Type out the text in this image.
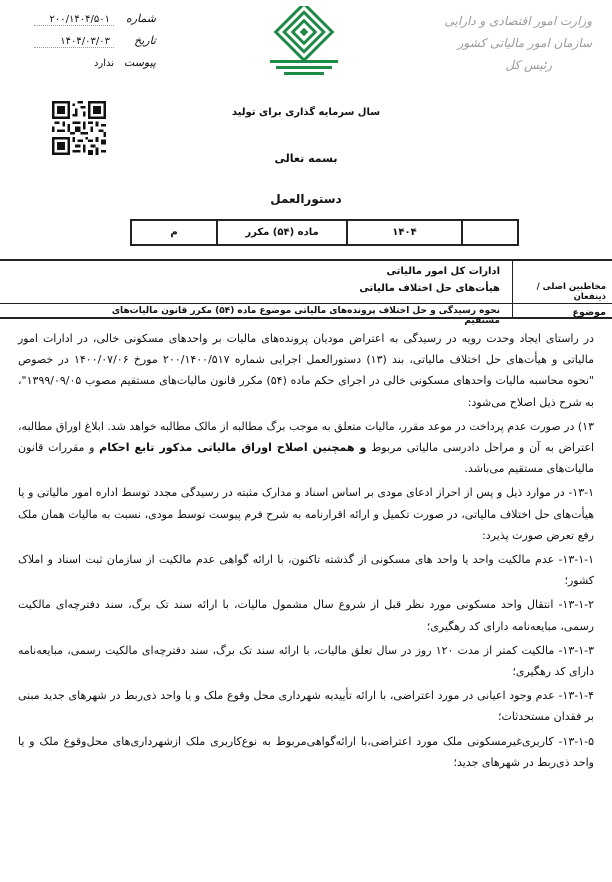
شماره
۲۰۰/۱۴۰۴/۵۰۱
تاریخ
۱۴۰۴/۰۳/۰۳
پیوست
ندارد
وزارت امور اقتصادی و دارایی
سازمان امور مالیاتی کشور
رئیس کل
سال سرمایه گذاری برای تولید
بسمه تعالی
دستورالعمل
م	ماده (۵۴) مکرر	۱۴۰۴
مخاطبین اصلی / ذینفعان
ادارات کل امور مالیاتی
هیأت‌های حل اختلاف مالیاتی
موضوع
نحوه رسیدگی و حل اختلاف پرونده‌های مالیاتی موضوع ماده (۵۴) مکرر قانون مالیات‌های مستقیم

در راستای ایجاد وحدت رویه در رسیدگی به اعتراض مودیان پرونده‌های مالیات بر واحدهای مسکونی خالی، در ادارات امور مالیاتی و هیأت‌های حل اختلاف مالیاتی، بند (۱۳) دستورالعمل اجرایی شماره ۲۰۰/۱۴۰۰/۵۱۷ مورخ ۱۴۰۰/۰۷/۰۶ در خصوص "نحوه محاسبه مالیات واحدهای مسکونی خالی در اجرای حکم ماده (۵۴) مکرر قانون مالیات‌های مستقیم مصوب ۱۳۹۹/۰۹/۰۵"، به شرح ذیل اصلاح می‌شود:

۱۳) در صورت عدم پرداخت در موعد مقرر، مالیات متعلق به موجب برگ مطالبه از مالک مطالبه خواهد شد. ابلاغ اوراق مطالبه، اعتراض به آن و مراحل دادرسی مالیاتی مربوط و همچنین اصلاح اوراق مالیاتی مذکور تابع احکام و مقررات قانون مالیات‌های مستقیم می‌باشد.

۱۳-۱- در موارد ذیل و پس از احراز ادعای مودی بر اساس اسناد و مدارک مثبته در رسیدگی مجدد توسط اداره امور مالیاتی و یا هیأت‌های حل اختلاف مالیاتی، در صورت تکمیل و ارائه اقرارنامه به شرح فرم پیوست توسط مودی، نسبت به مالیات همان ملک رفع تعرض صورت پذیرد:

۱۳-۱-۱- عدم مالکیت واحد یا واحد های مسکونی از گذشته تاکنون، با ارائه گواهی عدم مالکیت از سازمان ثبت اسناد و املاک کشور؛

۱۳-۱-۲- انتقال واحد مسکونی مورد نظر قبل از شروع سال مشمول مالیات، با ارائه سند تک برگ، سند دفترچه‌ای مالکیت رسمی، مبایعه‌نامه دارای کد رهگیری؛

۱۳-۱-۳- مالکیت کمتر از مدت ۱۲۰ روز در سال تعلق مالیات، با ارائه سند تک برگ، سند دفترچه‌ای مالکیت رسمی، مبایعه‌نامه دارای کد رهگیری؛

۱۳-۱-۴- عدم وجود اعیانی در مورد اعتراضی، با ارائه تأییدیه شهرداری محل وقوع ملک و یا واحد ذی‌ربط در شهرهای جدید مبنی بر فقدان مستحدثات؛

۱۳-۱-۵- کاربری‌غیرمسکونی ملک مورد اعتراضی،با ارائه‌گواهی‌مربوط به نوع‌کاربری ملک ازشهرداری‌های محل‌وقوع ملک و یا واحد ذی‌ربط در شهرهای جدید؛
